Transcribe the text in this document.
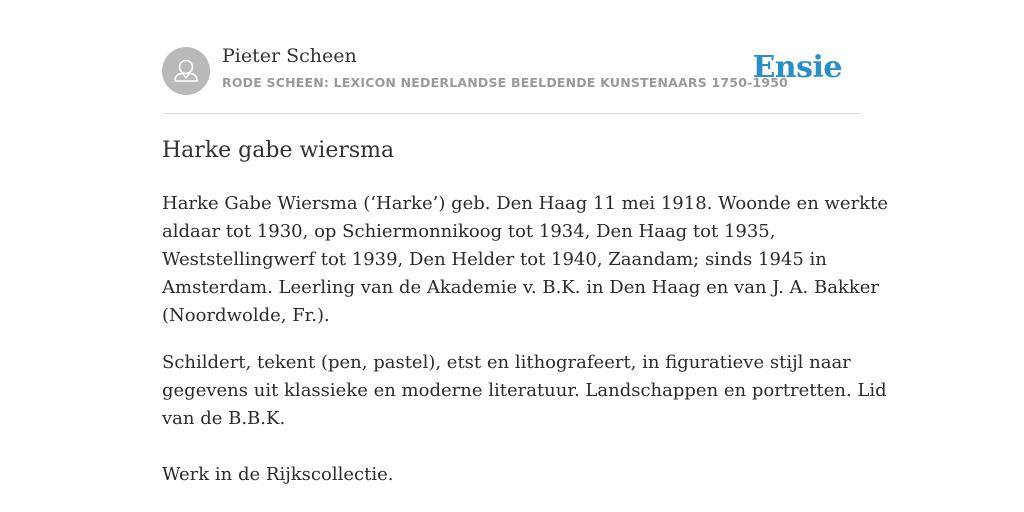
Pieter Scheen
RODE SCHEEN: LEXICON NEDERLANDSE BEELDENDE KUNSTENAARS 1750-1950
Ensie
Harke gabe wiersma

Harke Gabe Wiersma (‘Harke’) geb. Den Haag 11 mei 1918. Woonde en werkte
aldaar tot 1930, op Schiermonnikoog tot 1934, Den Haag tot 1935,
Weststellingwerf tot 1939, Den Helder tot 1940, Zaandam; sinds 1945 in
Amsterdam. Leerling van de Akademie v. B.K. in Den Haag en van J. A. Bakker
(Noordwolde, Fr.).

Schildert, tekent (pen, pastel), etst en lithografeert, in figuratieve stijl naar
gegevens uit klassieke en moderne literatuur. Landschappen en portretten. Lid
van de B.B.K.

Werk in de Rijkscollectie.
